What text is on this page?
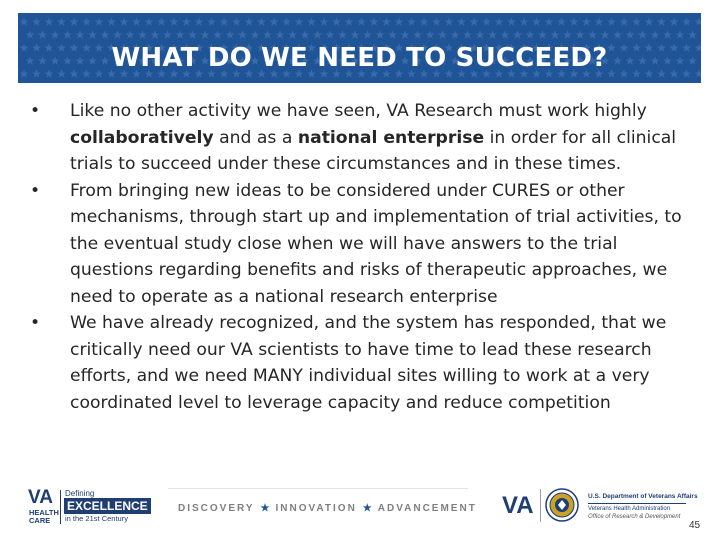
WHAT DO WE NEED TO SUCCEED?
• Like no other activity we have seen, VA Research must work highly collaboratively and as a national enterprise in order for all clinical trials to succeed under these circumstances and in these times.
• From bringing new ideas to be considered under CURES or other mechanisms, through start up and implementation of trial activities, to the eventual study close when we will have answers to the trial questions regarding benefits and risks of therapeutic approaches, we need to operate as a national research enterprise
• We have already recognized, and the system has responded, that we critically need our VA scientists to have time to lead these research efforts, and we need MANY individual sites willing to work at a very coordinated level to leverage capacity and reduce competition
VA
HEALTH
CARE
Defining
EXCELLENCE
in the 21st Century
DISCOVERY ★ INNOVATION ★ ADVANCEMENT VA	U.S. Department of Veterans Affairs
Veterans Health Administration
Office of Research & Development
45
